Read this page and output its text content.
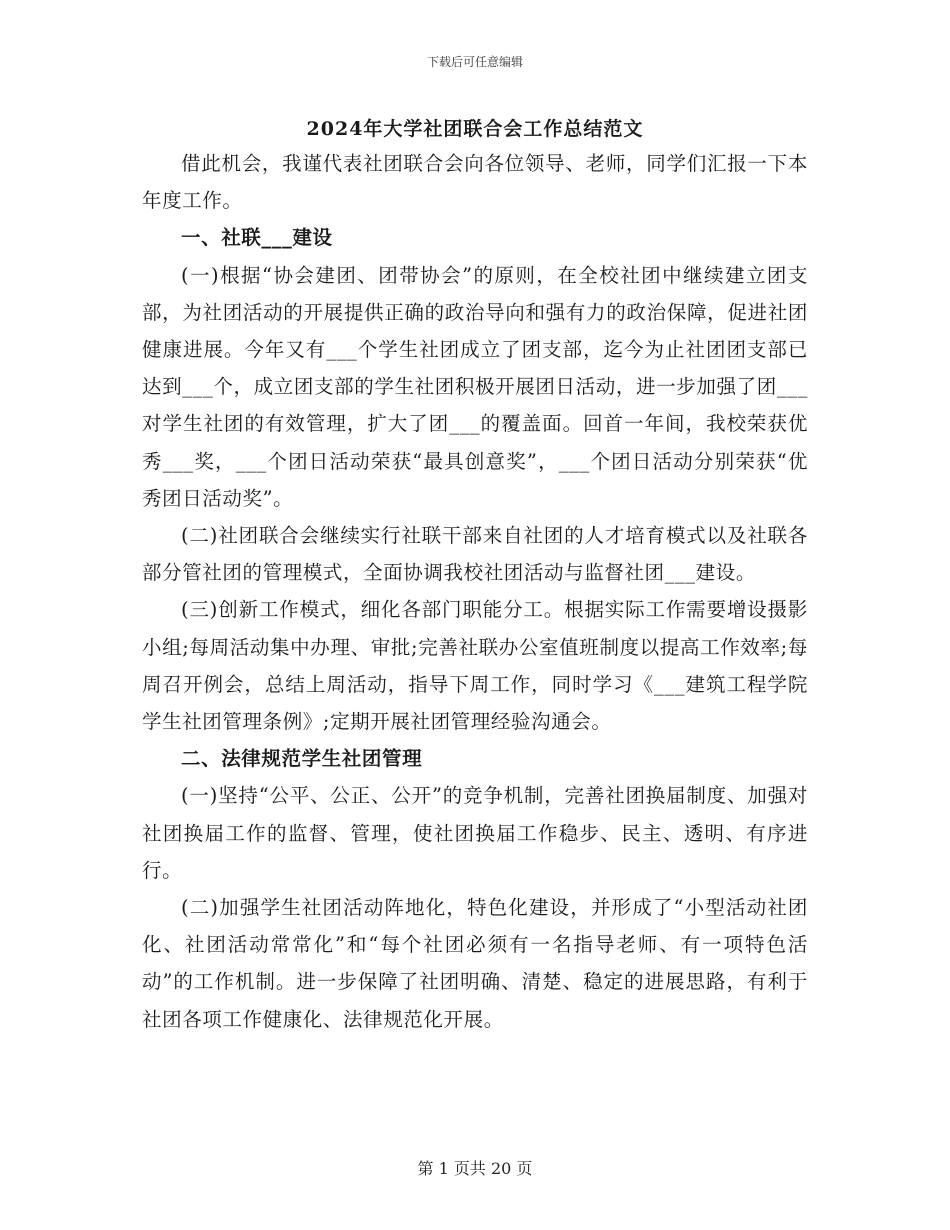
下载后可任意编辑
2024年大学社团联合会工作总结范文

借此机会，我谨代表社团联合会向各位领导、老师，同学们汇报一下本年度工作。

一、社联___建设

(一)根据“协会建团、团带协会”的原则，在全校社团中继续建立团支部，为社团活动的开展提供正确的政治导向和强有力的政治保障，促进社团健康进展。今年又有___个学生社团成立了团支部，迄今为止社团团支部已达到___个，成立团支部的学生社团积极开展团日活动，进一步加强了团___对学生社团的有效管理，扩大了团___的覆盖面。回首一年间，我校荣获优秀___奖，___个团日活动荣获“最具创意奖”，___个团日活动分别荣获“优秀团日活动奖”。

(二)社团联合会继续实行社联干部来自社团的人才培育模式以及社联各部分管社团的管理模式，全面协调我校社团活动与监督社团___建设。

(三)创新工作模式，细化各部门职能分工。根据实际工作需要增设摄影小组;每周活动集中办理、审批;完善社联办公室值班制度以提高工作效率;每周召开例会，总结上周活动，指导下周工作，同时学习《___建筑工程学院学生社团管理条例》;定期开展社团管理经验沟通会。

二、法律规范学生社团管理

(一)坚持“公平、公正、公开”的竞争机制，完善社团换届制度、加强对社团换届工作的监督、管理，使社团换届工作稳步、民主、透明、有序进行。

(二)加强学生社团活动阵地化，特色化建设，并形成了“小型活动社团化、社团活动常常化”和“每个社团必须有一名指导老师、有一项特色活动”的工作机制。进一步保障了社团明确、清楚、稳定的进展思路，有利于社团各项工作健康化、法律规范化开展。

第 1 页共 20 页
